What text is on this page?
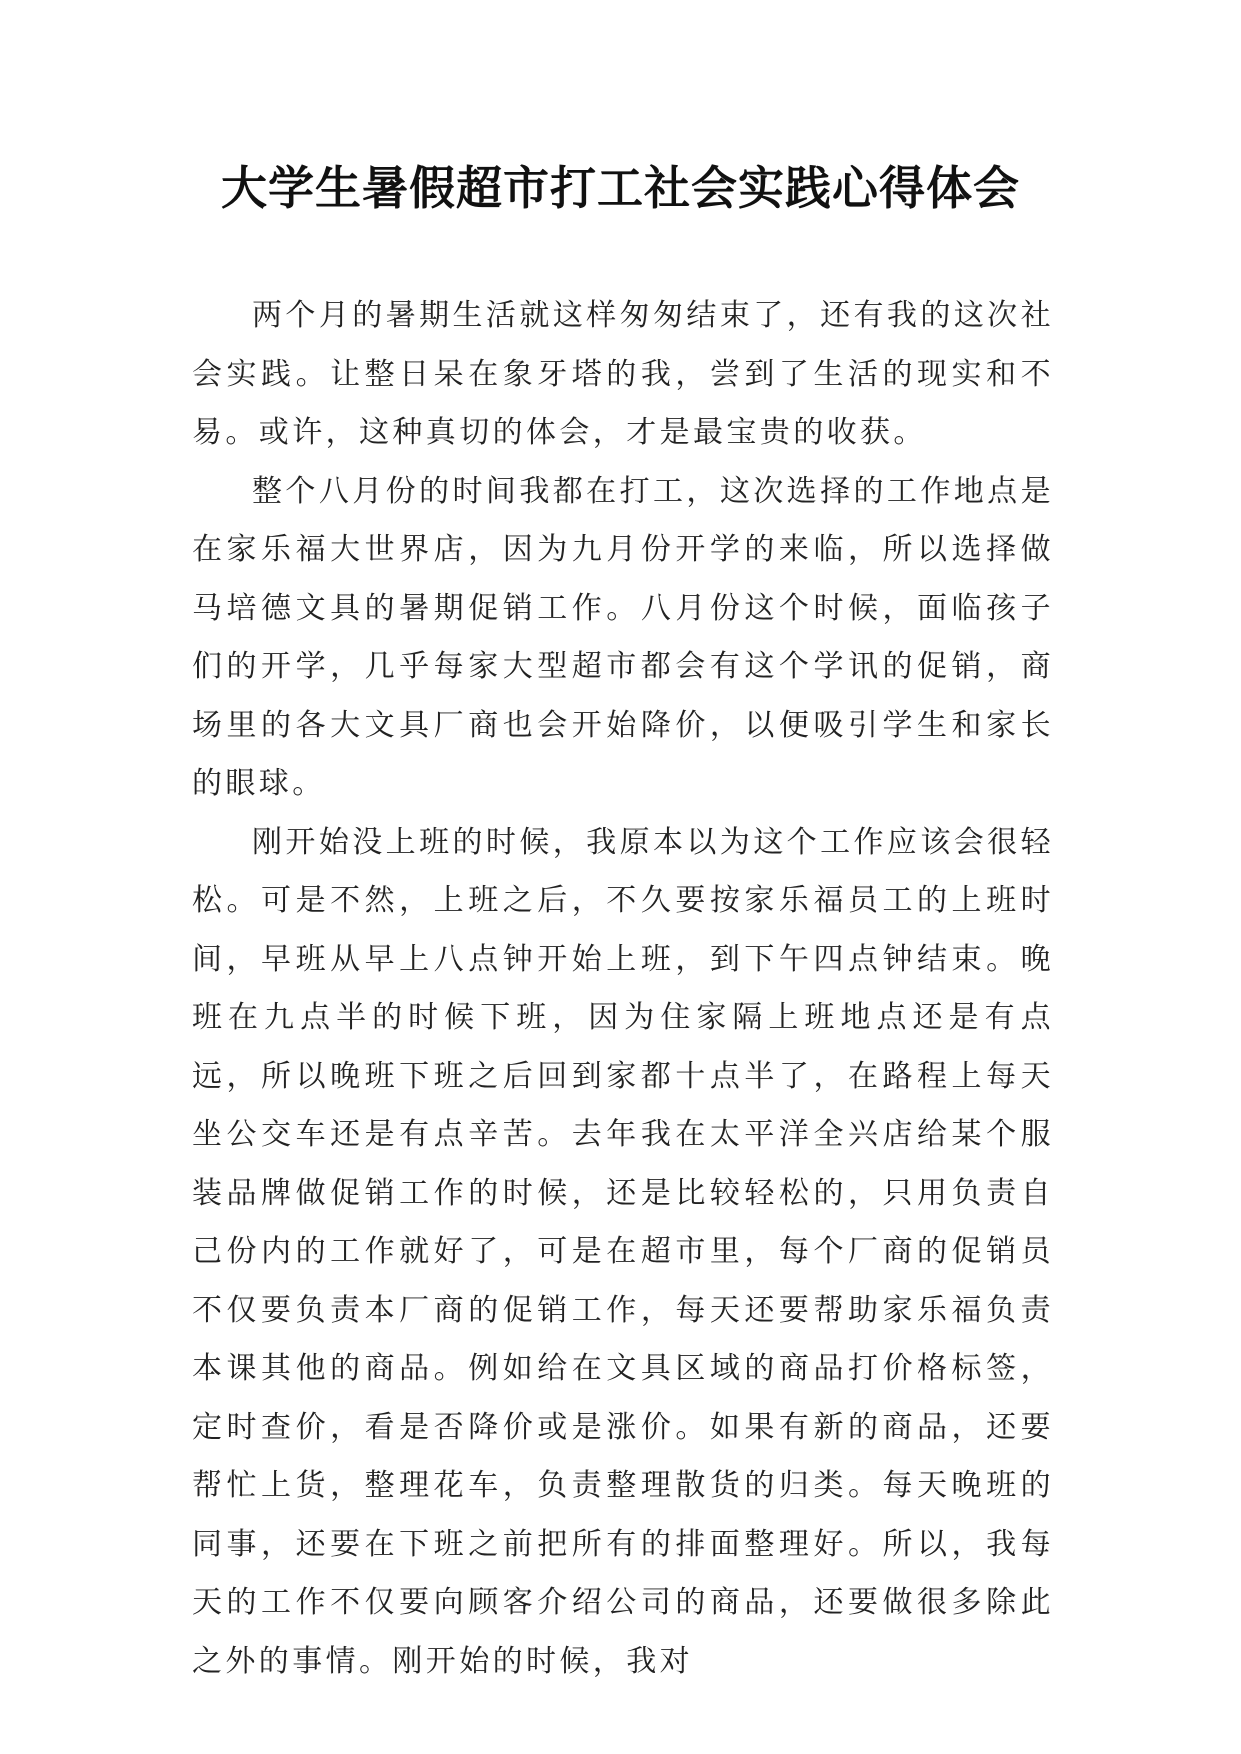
大学生暑假超市打工社会实践心得体会

两个月的暑期生活就这样匆匆结束了，还有我的这次社会实践。让整日呆在象牙塔的我，尝到了生活的现实和不易。或许，这种真切的体会，才是最宝贵的收获。

整个八月份的时间我都在打工，这次选择的工作地点是在家乐福大世界店，因为九月份开学的来临，所以选择做马培德文具的暑期促销工作。八月份这个时候，面临孩子们的开学，几乎每家大型超市都会有这个学讯的促销，商场里的各大文具厂商也会开始降价，以便吸引学生和家长的眼球。

刚开始没上班的时候，我原本以为这个工作应该会很轻松。可是不然，上班之后，不久要按家乐福员工的上班时间，早班从早上八点钟开始上班，到下午四点钟结束。晚班在九点半的时候下班，因为住家隔上班地点还是有点远，所以晚班下班之后回到家都十点半了，在路程上每天坐公交车还是有点辛苦。去年我在太平洋全兴店给某个服装品牌做促销工作的时候，还是比较轻松的，只用负责自己份内的工作就好了，可是在超市里，每个厂商的促销员不仅要负责本厂商的促销工作，每天还要帮助家乐福负责本课其他的商品。例如给在文具区域的商品打价格标签，定时查价，看是否降价或是涨价。如果有新的商品，还要帮忙上货，整理花车，负责整理散货的归类。每天晚班的同事，还要在下班之前把所有的排面整理好。所以，我每天的工作不仅要向顾客介绍公司的商品，还要做很多除此之外的事情。刚开始的时候，我对
